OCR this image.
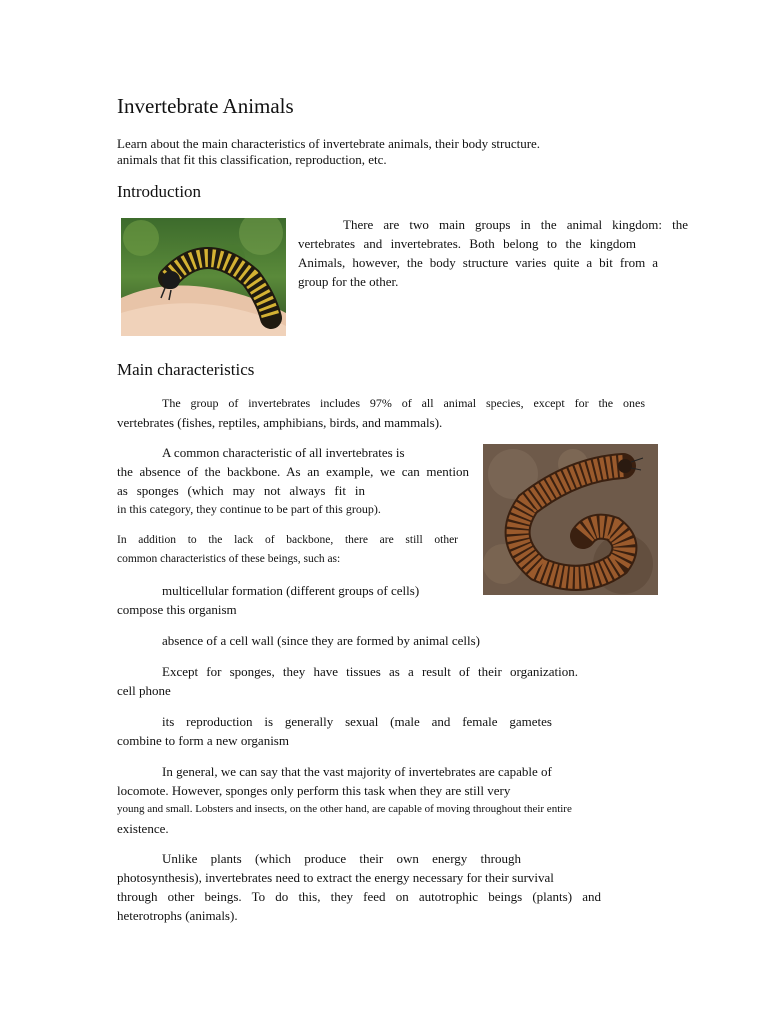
Invertebrate Animals
Learn about the main characteristics of invertebrate animals, their body structure.
animals that fit this classification, reproduction, etc.
Introduction
There are two main groups in the animal kingdom: the
vertebrates and invertebrates. Both belong to the kingdom
Animals, however, the body structure varies quite a bit from a
group for the other.
Main characteristics
The group of invertebrates includes 97% of all animal species, except for the ones
vertebrates (fishes, reptiles, amphibians, birds, and mammals).
A common characteristic of all invertebrates is
the absence of the backbone. As an example, we can mention
as sponges (which may not always fit in
in this category, they continue to be part of this group).
In addition to the lack of backbone, there are still other
common characteristics of these beings, such as:
multicellular formation (different groups of cells)
compose this organism
absence of a cell wall (since they are formed by animal cells)
Except for sponges, they have tissues as a result of their organization.
cell phone
its reproduction is generally sexual (male and female gametes
combine to form a new organism
In general, we can say that the vast majority of invertebrates are capable of
locomote. However, sponges only perform this task when they are still very
young and small. Lobsters and insects, on the other hand, are capable of moving throughout their entire
existence.
Unlike plants (which produce their own energy through
photosynthesis), invertebrates need to extract the energy necessary for their survival
through other beings. To do this, they feed on autotrophic beings (plants) and
heterotrophs (animals).
